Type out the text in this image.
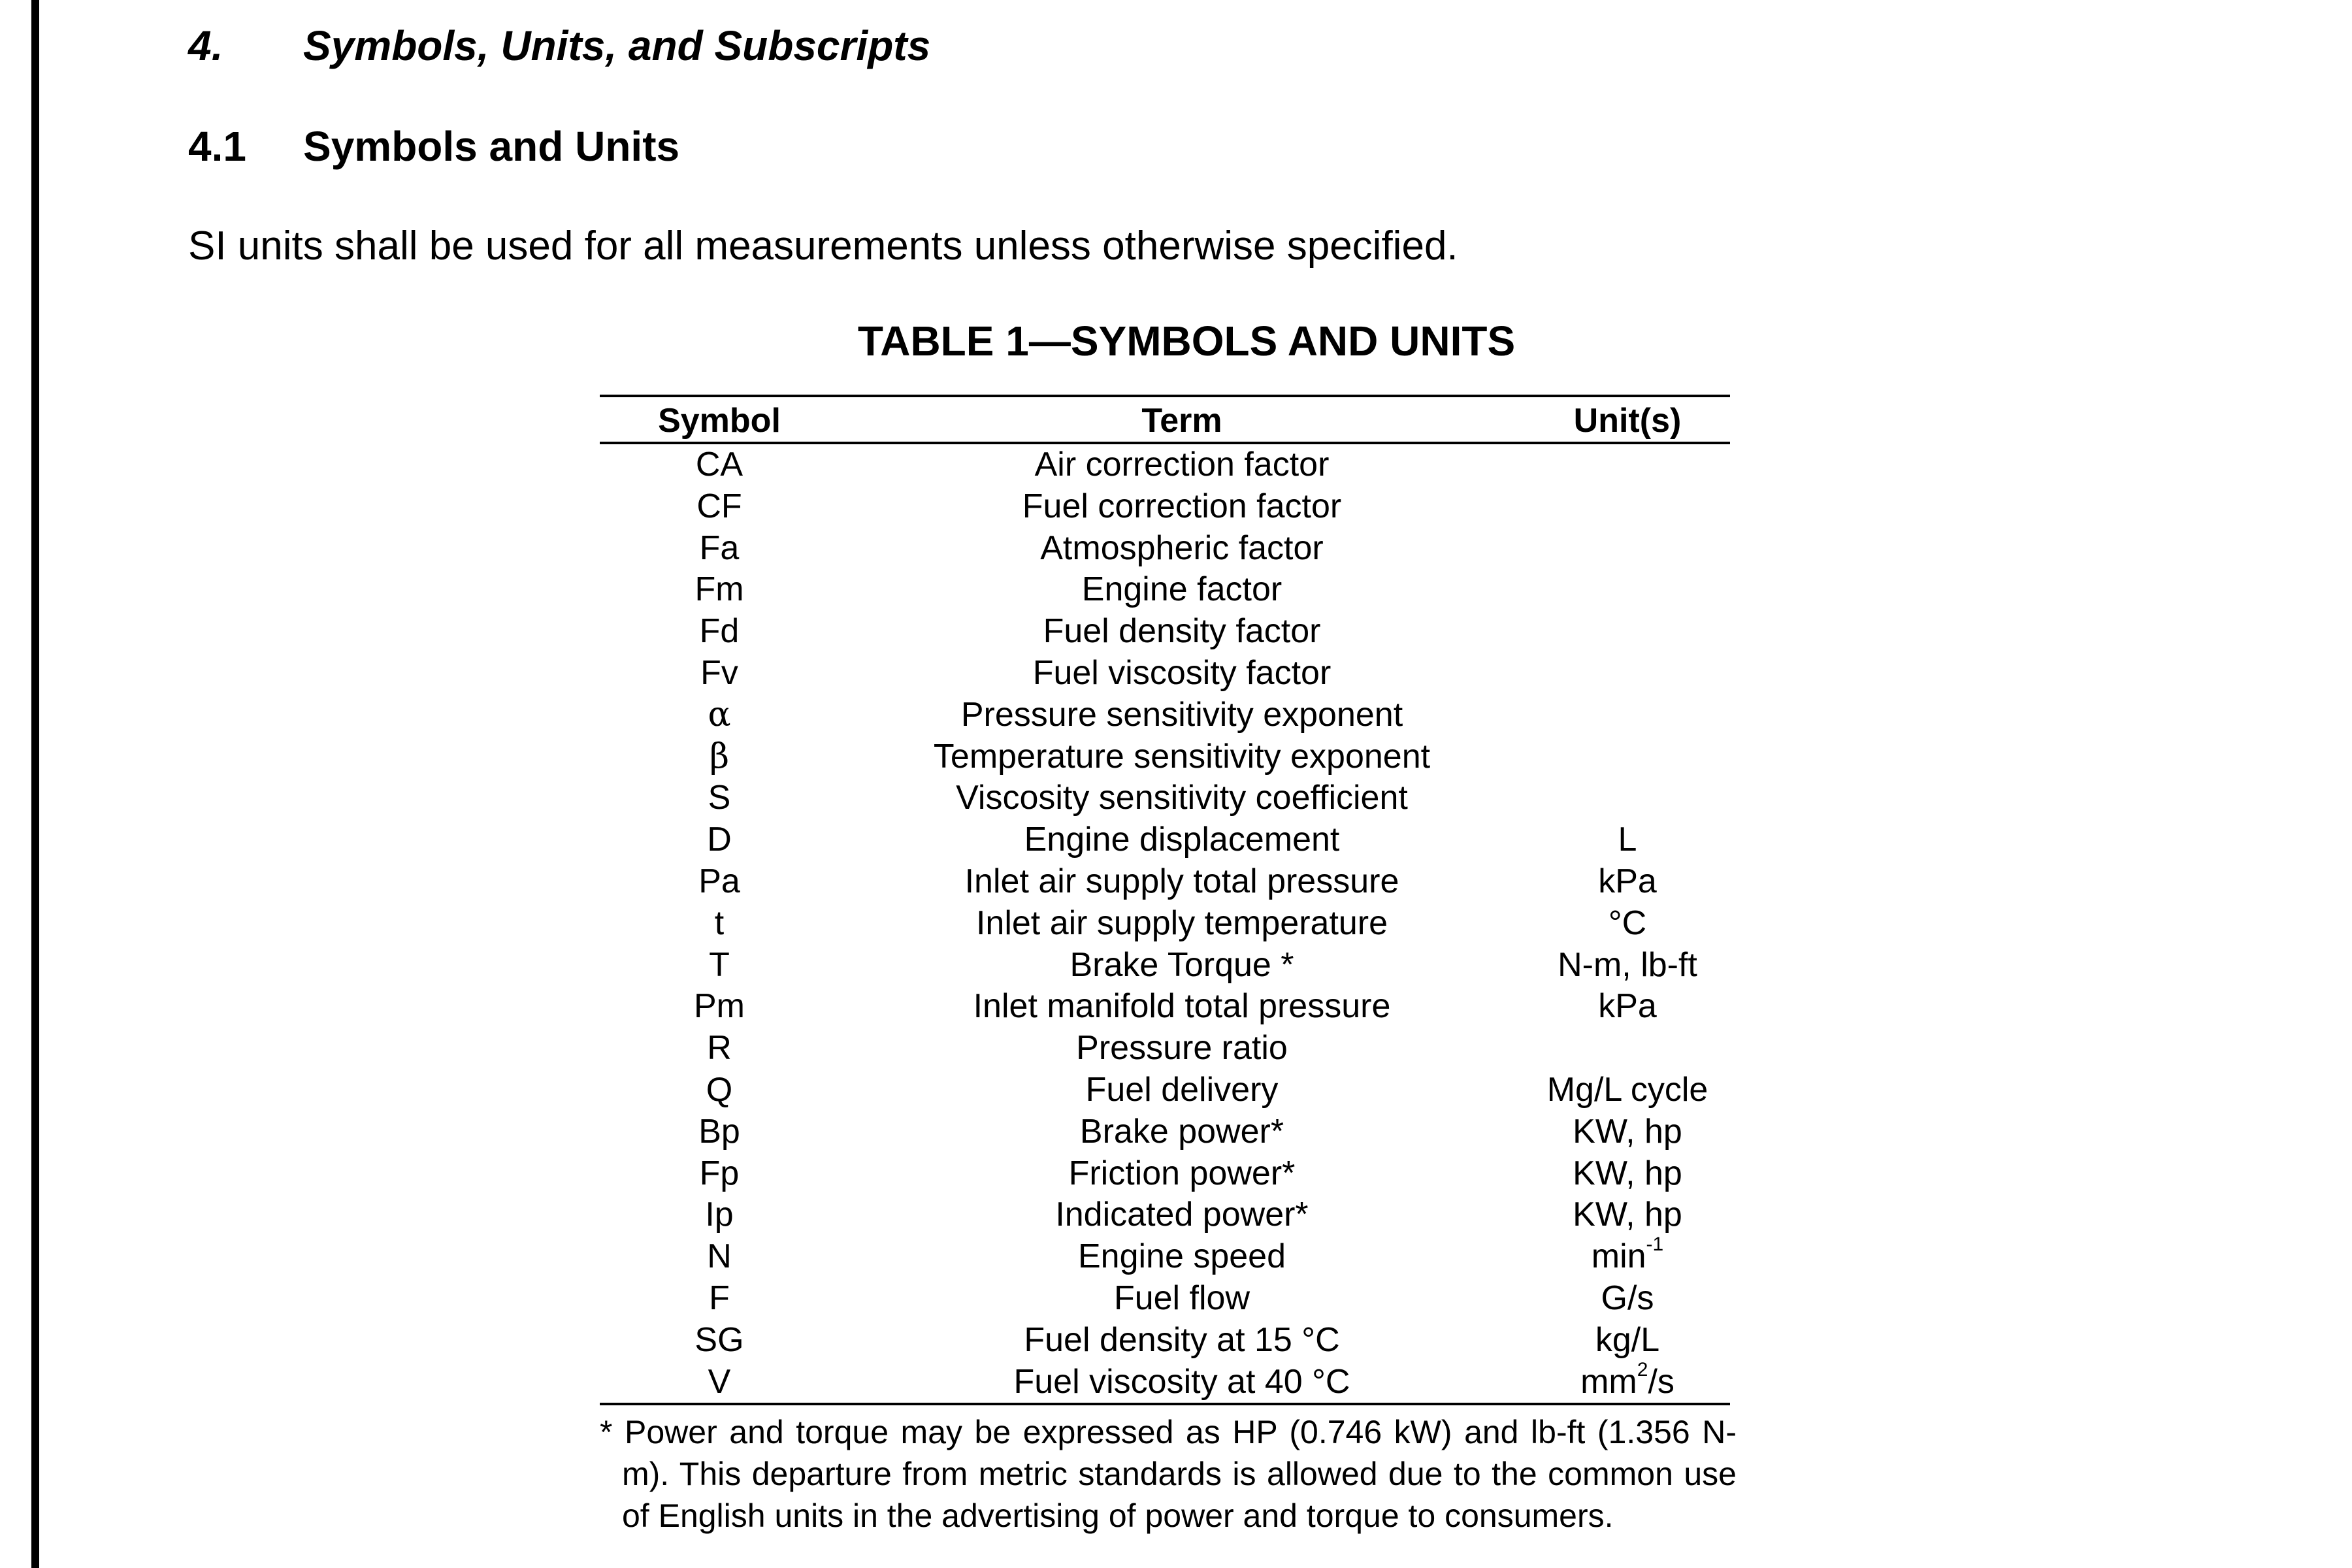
4. Symbols, Units, and Subscripts
4.1 Symbols and Units
SI units shall be used for all measurements unless otherwise specified.
TABLE 1—SYMBOLS AND UNITS
Symbol	Term	Unit(s)
CA	Air correction factor	
CF	Fuel correction factor	
Fa	Atmospheric factor	
Fm	Engine factor	
Fd	Fuel density factor	
Fv	Fuel viscosity factor	
α	Pressure sensitivity exponent	
β	Temperature sensitivity exponent	
S	Viscosity sensitivity coefficient	
D	Engine displacement	L
Pa	Inlet air supply total pressure	kPa
t	Inlet air supply temperature	°C
T	Brake Torque *	N-m, lb-ft
Pm	Inlet manifold total pressure	kPa
R	Pressure ratio	
Q	Fuel delivery	Mg/L cycle
Bp	Brake power*	KW, hp
Fp	Friction power*	KW, hp
Ip	Indicated power*	KW, hp
N	Engine speed	$\min^{-1}$
F	Fuel flow	G/s
SG	Fuel density at 15 °C	kg/L
V	Fuel viscosity at 40 °C	$mm^2/s$
* Power and torque may be expressed as HP (0.746 kW) and lb-ft (1.356 N-m). This departure from metric standards is allowed due to the common use of English units in the advertising of power and torque to consumers.
